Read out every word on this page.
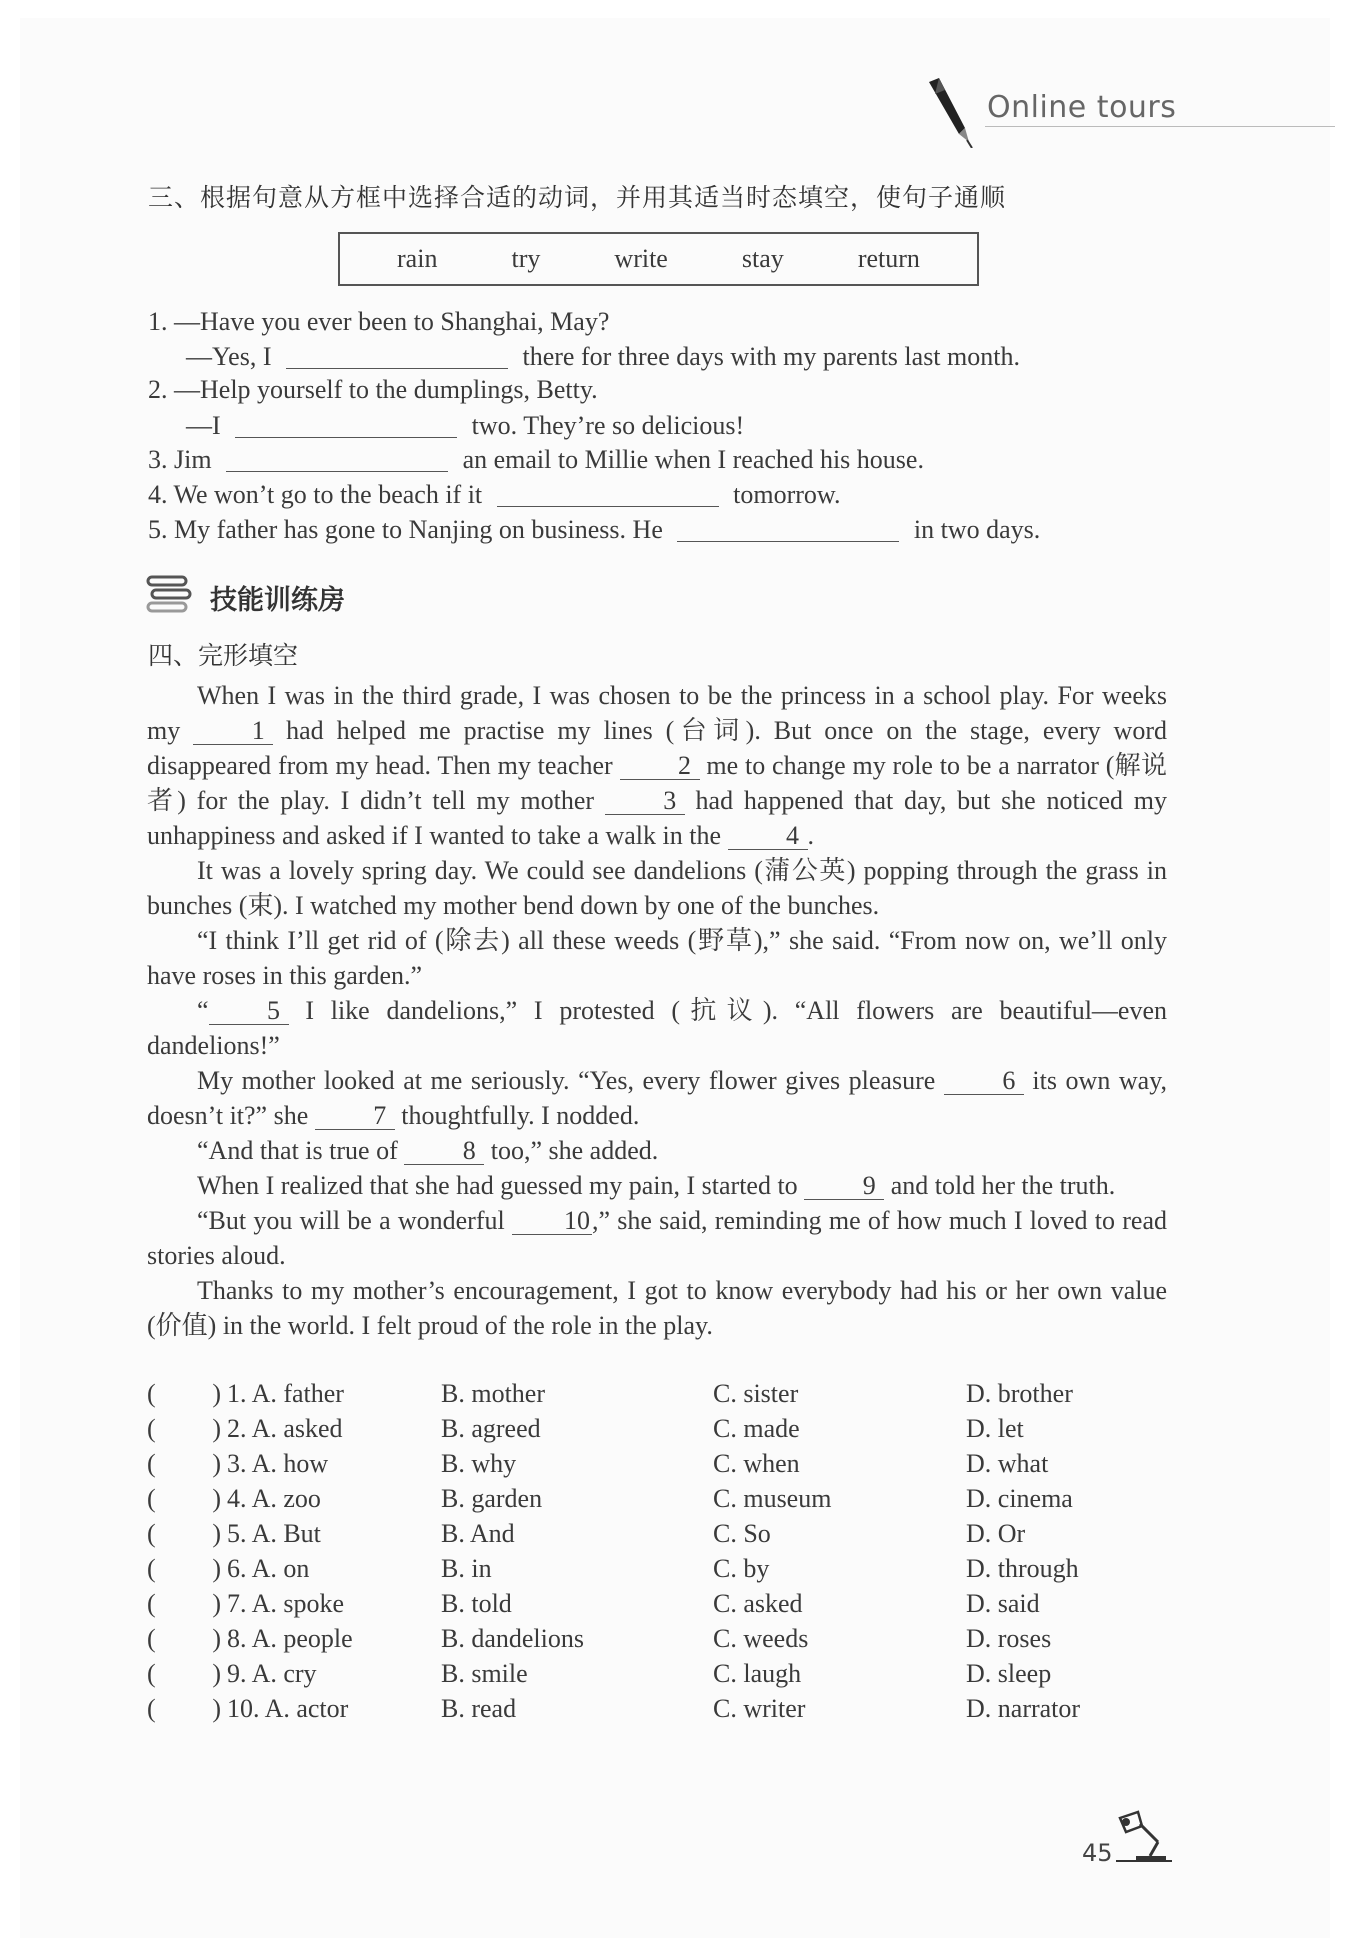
Online tours
三、根据句意从方框中选择合适的动词，并用其适当时态填空，使句子通顺
rain	try	write	stay	return
1. —Have you ever been to Shanghai, May?
—Yes, I	there for three days with my parents last month.
2. —Help yourself to the dumplings, Betty.
—I	two. They’re so delicious!
3. Jim	an email to Millie when I reached his house.
4. We won’t go to the beach if it	tomorrow.
5. My father has gone to Nanjing on business. He	in two days.
技能训练房
四、完形填空

When I was in the third grade, I was chosen to be the princess in a school play. For weeks my	1 had helped me practise my lines (台词). But once on the stage, every word disappeared from my head. Then my teacher	2 me to change my role to be a narrator (解说者) for the play. I didn’t tell my mother	3 had happened that day, but she noticed my unhappiness and asked if I wanted to take a walk in the	4 .

It was a lovely spring day. We could see dandelions (蒲公英) popping through the grass in bunches (束). I watched my mother bend down by one of the bunches.

“I think I’ll get rid of (除去) all these weeds (野草),” she said. “From now on, we’ll only have roses in this garden.”

“ 5 I like dandelions,” I protested (抗议). “All flowers are beautiful—even dandelions!”

My mother looked at me seriously. “Yes, every flower gives pleasure	6 its own way, doesn’t it?” she	7 thoughtfully. I nodded.

“And that is true of	8 too,” she added.

When I realized that she had guessed my pain, I started to	9 and told her the truth.

“But you will be a wonderful 10,” she said, reminding me of how much I loved to read stories aloud.

Thanks to my mother’s encouragement, I got to know everybody had his or her own value (价值) in the world. I felt proud of the role in the play.

( ) 1. A. father	B. mother	C. sister	D. brother
( ) 2. A. asked	B. agreed	C. made	D. let
( ) 3. A. how	B. why	C. when	D. what
( ) 4. A. zoo	B. garden	C. museum	D. cinema
( ) 5. A. But	B. And	C. So	D. Or
( ) 6. A. on	B. in	C. by	D. through
( ) 7. A. spoke	B. told	C. asked	D. said
( ) 8. A. people	B. dandelions	C. weeds	D. roses
( ) 9. A. cry	B. smile	C. laugh	D. sleep
( ) 10. A. actor	B. read	C. writer	D. narrator
45
